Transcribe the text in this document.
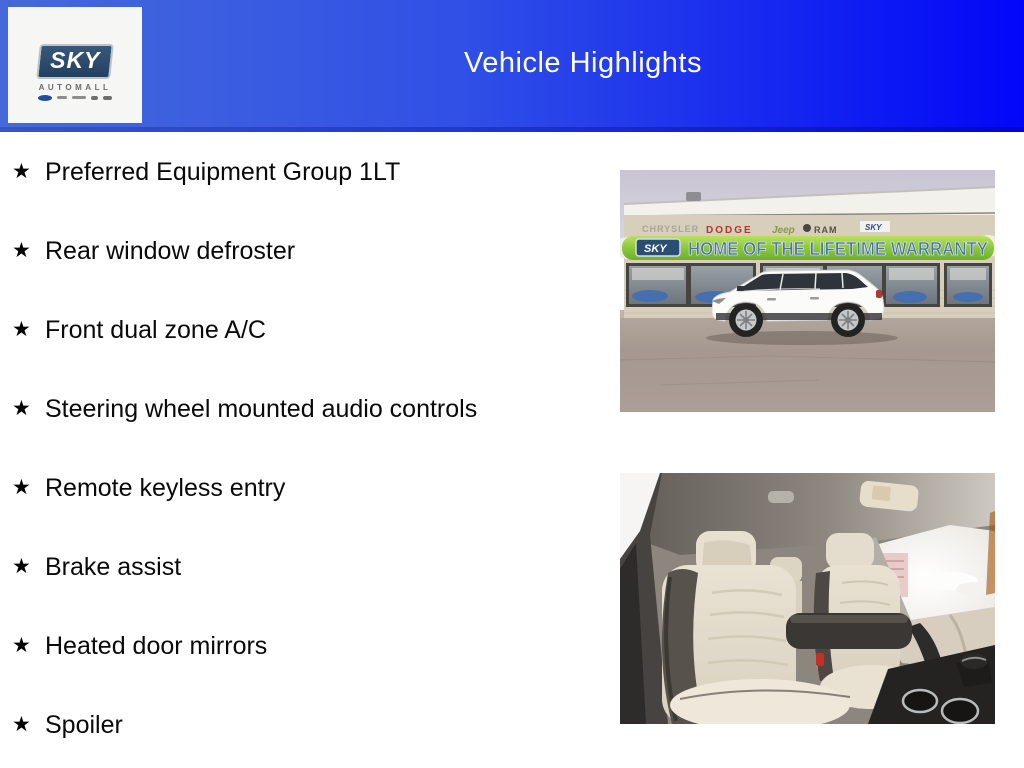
SKY
AUTOMALL
Vehicle Highlights
★ Preferred Equipment Group 1LT
★ Rear window defroster
★ Front dual zone A/C
★ Steering wheel mounted audio controls
★ Remote keyless entry
★ Brake assist
★ Heated door mirrors
★ Spoiler
CHRYSLER DODGE Jeep RAM	SKY
SKY HOME OF THE LIFETIME WARRANTY
